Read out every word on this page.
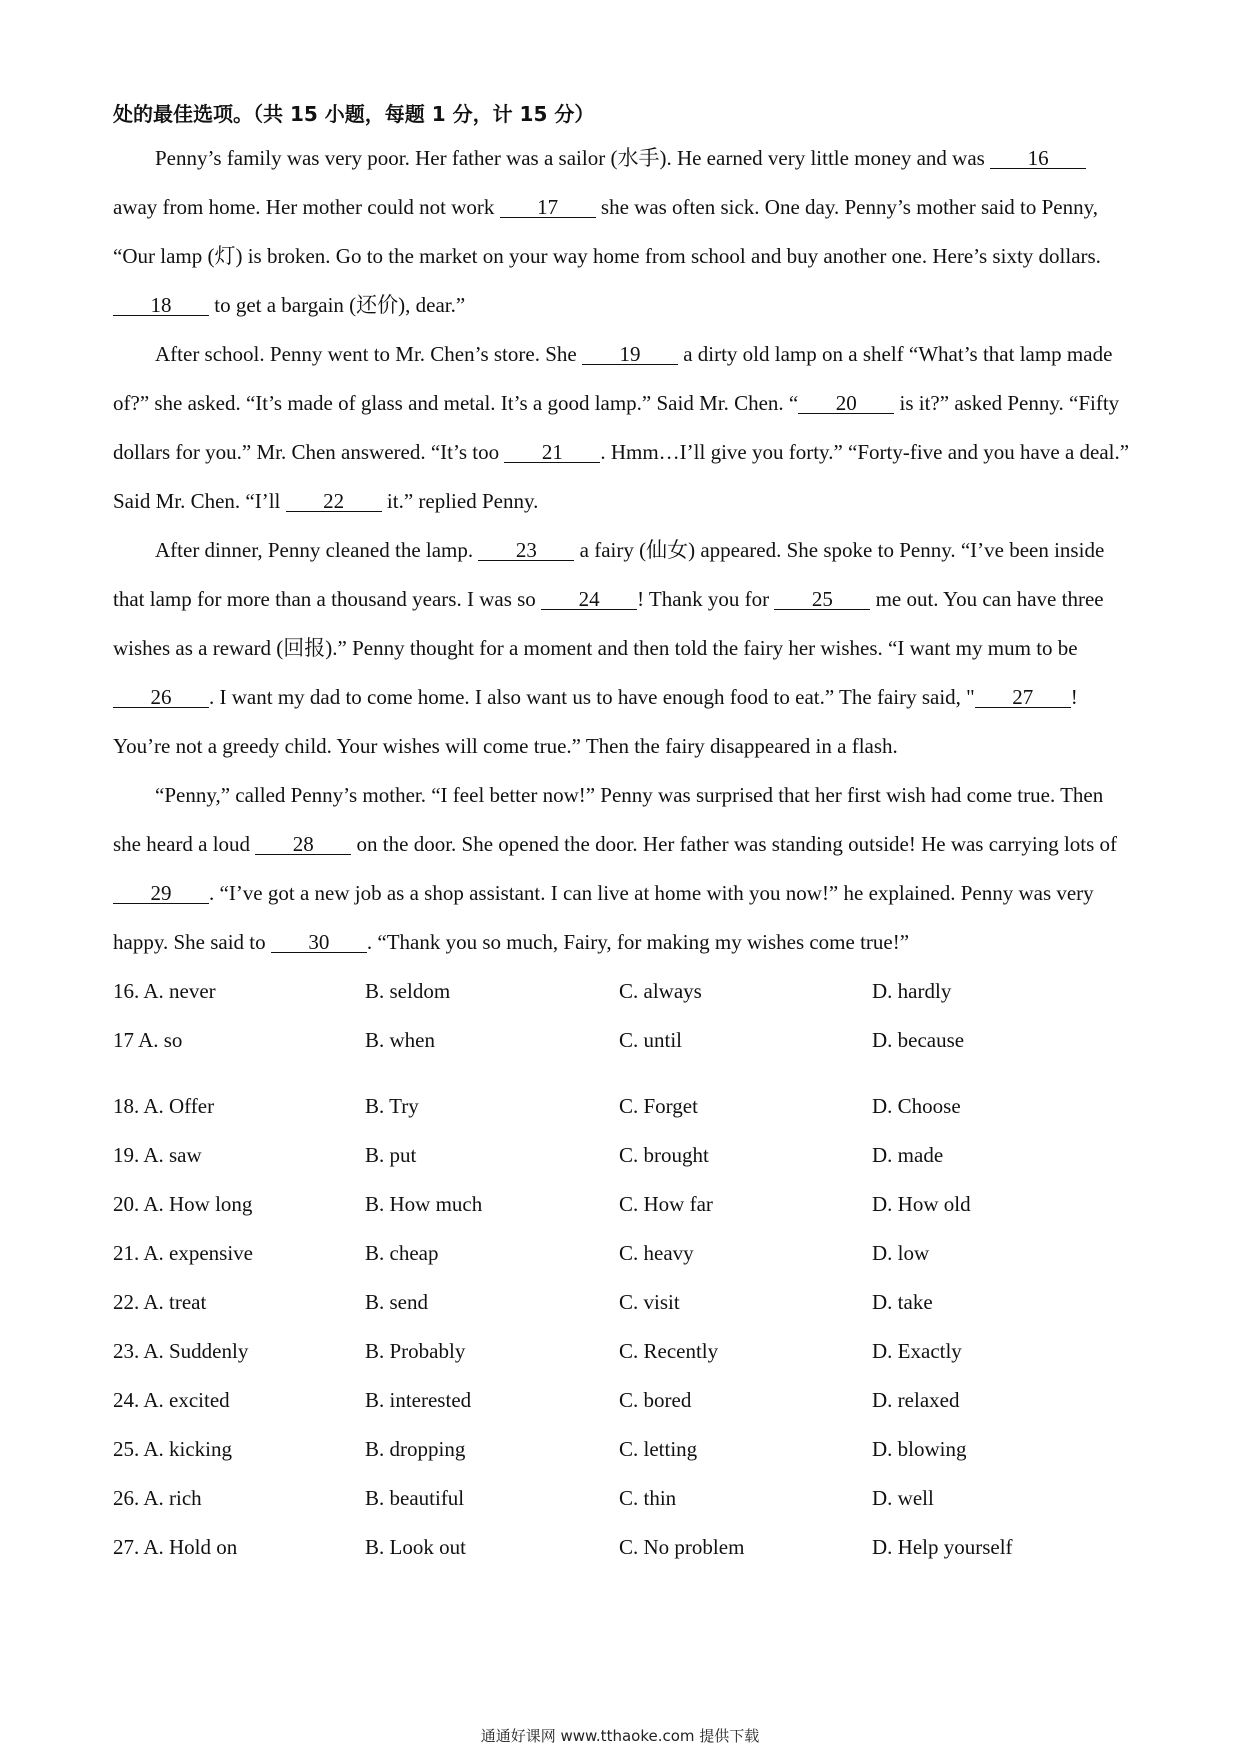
处的最佳选项。（共 15 小题，每题 1 分，计 15 分）

Penny’s family was very poor. Her father was a sailor (水手). He earned very little money and was 16 away from home. Her mother could not work 17 she was often sick. One day. Penny’s mother said to Penny, “Our lamp (灯) is broken. Go to the market on your way home from school and buy another one. Here’s sixty dollars. 18 to get a bargain (还价), dear.”

After school. Penny went to Mr. Chen’s store. She 19 a dirty old lamp on a shelf “What’s that lamp made of?” she asked. “It’s made of glass and metal. It’s a good lamp.” Said Mr. Chen. “ 20 is it?” asked Penny. “Fifty dollars for you.” Mr. Chen answered. “It’s too 21 . Hmm…I’ll give you forty.” “Forty-five and you have a deal.” Said Mr. Chen. “I’ll 22 it.” replied Penny.

After dinner, Penny cleaned the lamp. 23 a fairy (仙女) appeared. She spoke to Penny. “I’ve been inside that lamp for more than a thousand years. I was so 24 ! Thank you for 25 me out. You can have three wishes as a reward (回报).” Penny thought for a moment and then told the fairy her wishes. “I want my mum to be 26 . I want my dad to come home. I also want us to have enough food to eat.” The fairy said, " 27 ! You’re not a greedy child. Your wishes will come true.” Then the fairy disappeared in a flash.

“Penny,” called Penny’s mother. “I feel better now!” Penny was surprised that her first wish had come true. Then she heard a loud 28 on the door. She opened the door. Her father was standing outside! He was carrying lots of 29 . “I’ve got a new job as a shop assistant. I can live at home with you now!” he explained. Penny was very happy. She said to 30 . “Thank you so much, Fairy, for making my wishes come true!”

16. A. never	B. seldom	C. always	D. hardly
17 A. so	B. when	C. until	D. because
18. A. Offer	B. Try	C. Forget	D. Choose
19. A. saw	B. put	C. brought	D. made
20. A. How long	B. How much	C. How far	D. How old
21. A. expensive	B. cheap	C. heavy	D. low
22. A. treat	B. send	C. visit	D. take
23. A. Suddenly	B. Probably	C. Recently	D. Exactly
24. A. excited	B. interested	C. bored	D. relaxed
25. A. kicking	B. dropping	C. letting	D. blowing
26. A. rich	B. beautiful	C. thin	D. well
27. A. Hold on	B. Look out	C. No problem	D. Help yourself
通通好课网 www.tthaoke.com 提供下载
